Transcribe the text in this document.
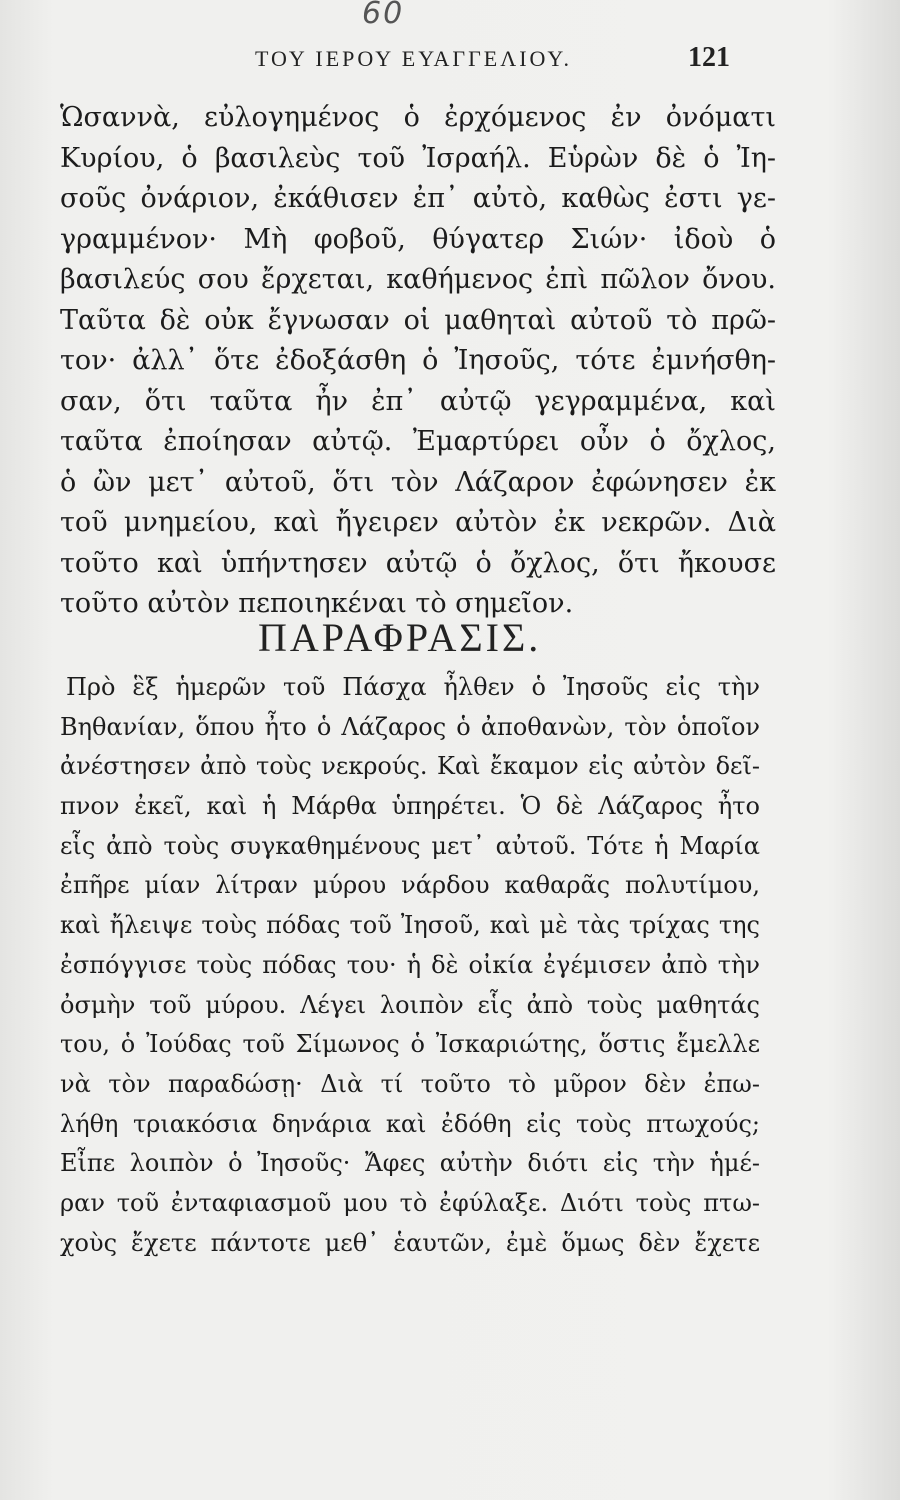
60
ΤΟΥ ΙΕΡΟΥ ΕΥΑΓΓΕΛΙΟΥ.	121
Ὡσαννὰ, εὐλογημένος ὁ ἐρχόμενος ἐν ὀνόματι
Κυρίου, ὁ βασιλεὺς τοῦ Ἰσραήλ. Εὑρὼν δὲ ὁ Ἰη-
σοῦς ὀνάριον, ἐκάθισεν ἐπ᾽ αὐτὸ, καθὼς ἐστι γε-
γραμμένον· Μὴ φοβοῦ, θύγατερ Σιών· ἰδοὺ ὁ
βασιλεύς σου ἔρχεται, καθήμενος ἐπὶ πῶλον ὄνου.
Ταῦτα δὲ οὐκ ἔγνωσαν οἱ μαθηταὶ αὐτοῦ τὸ πρῶ-
τον· ἀλλ᾽ ὅτε ἐδοξάσθη ὁ Ἰησοῦς, τότε ἐμνήσθη-
σαν, ὅτι ταῦτα ἦν ἐπ᾽ αὐτῷ γεγραμμένα, καὶ
ταῦτα ἐποίησαν αὐτῷ. Ἐμαρτύρει οὖν ὁ ὄχλος,
ὁ ὢν μετ᾽ αὐτοῦ, ὅτι τὸν Λάζαρον ἐφώνησεν ἐκ
τοῦ μνημείου, καὶ ἤγειρεν αὐτὸν ἐκ νεκρῶν. Διὰ
τοῦτο καὶ ὑπήντησεν αὐτῷ ὁ ὄχλος, ὅτι ἤκουσε
τοῦτο αὐτὸν πεποιηκέναι τὸ σημεῖον.
ΠΑΡΑΦΡΑΣΙΣ.
Πρὸ ἓξ ἡμερῶν τοῦ Πάσχα ἦλθεν ὁ Ἰησοῦς εἰς τὴν
Βηθανίαν, ὅπου ἦτο ὁ Λάζαρος ὁ ἀποθανὼν, τὸν ὁποῖον
ἀνέστησεν ἀπὸ τοὺς νεκρούς. Καὶ ἔκαμον εἰς αὐτὸν δεῖ-
πνον ἐκεῖ, καὶ ἡ Μάρθα ὑπηρέτει. Ὁ δὲ Λάζαρος ἦτο
εἷς ἀπὸ τοὺς συγκαθημένους μετ᾽ αὐτοῦ. Τότε ἡ Μαρία
ἐπῆρε μίαν λίτραν μύρου νάρδου καθαρᾶς πολυτίμου,
καὶ ἤλειψε τοὺς πόδας τοῦ Ἰησοῦ, καὶ μὲ τὰς τρίχας της
ἐσπόγγισε τοὺς πόδας του· ἡ δὲ οἰκία ἐγέμισεν ἀπὸ τὴν
ὀσμὴν τοῦ μύρου. Λέγει λοιπὸν εἷς ἀπὸ τοὺς μαθητάς
του, ὁ Ἰούδας τοῦ Σίμωνος ὁ Ἰσκαριώτης, ὅστις ἔμελλε
νὰ τὸν παραδώσῃ· Διὰ τί τοῦτο τὸ μῦρον δὲν ἐπω-
λήθη τριακόσια δηνάρια καὶ ἐδόθη εἰς τοὺς πτωχούς;
Εἶπε λοιπὸν ὁ Ἰησοῦς· Ἄφες αὐτὴν διότι εἰς τὴν ἡμέ-
ραν τοῦ ἐνταφιασμοῦ μου τὸ ἐφύλαξε. Διότι τοὺς πτω-
χοὺς ἔχετε πάντοτε μεθ᾽ ἑαυτῶν, ἐμὲ ὅμως δὲν ἔχετε
